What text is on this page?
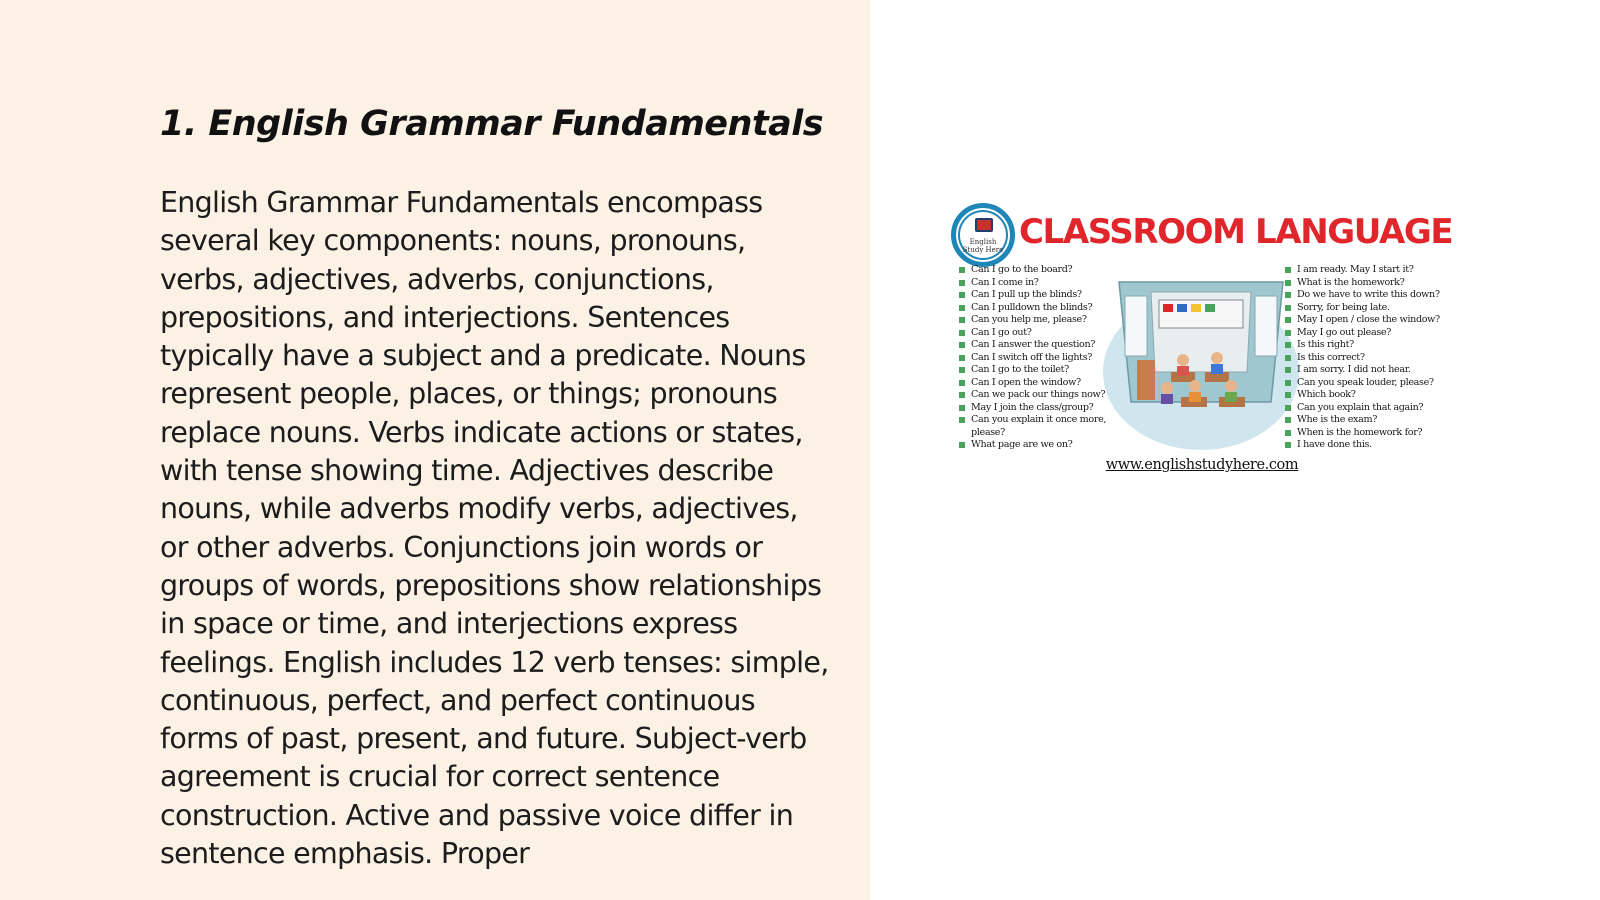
1. English Grammar Fundamentals

English Grammar Fundamentals encompass several key components: nouns, pronouns, verbs, adjectives, adverbs, conjunctions, prepositions, and interjections. Sentences typically have a subject and a predicate. Nouns represent people, places, or things; pronouns replace nouns. Verbs indicate actions or states, with tense showing time. Adjectives describe nouns, while adverbs modify verbs, adjectives, or other adverbs. Conjunctions join words or groups of words, prepositions show relationships in space or time, and interjections express feelings. English includes 12 verb tenses: simple, continuous, perfect, and perfect continuous forms of past, present, and future. Subject-verb agreement is crucial for correct sentence construction. Active and passive voice differ in sentence emphasis. Proper

English Study Here CLASSROOM LANGUAGE
Can I go to the board?
Can I come in?
Can I pull up the blinds?
Can I pulldown the blinds?
Can you help me, please?
Can I go out?
Can I answer the question?
Can I switch off the lights?
Can I go to the toilet?
Can I open the window?
Can we pack our things now?
May I join the class/group?
Can you explain it once more, please?
What page are we on?
I am ready. May I start it?
What is the homework?
Do we have to write this down?
Sorry, for being late.
May I open / close the window?
May I go out please?
Is this right?
Is this correct?
I am sorry. I did not hear.
Can you speak louder, please?
Which book?
Can you explain that again?
Whe is the exam?
When is the homework for?
I have done this.
www.englishstudyhere.com
